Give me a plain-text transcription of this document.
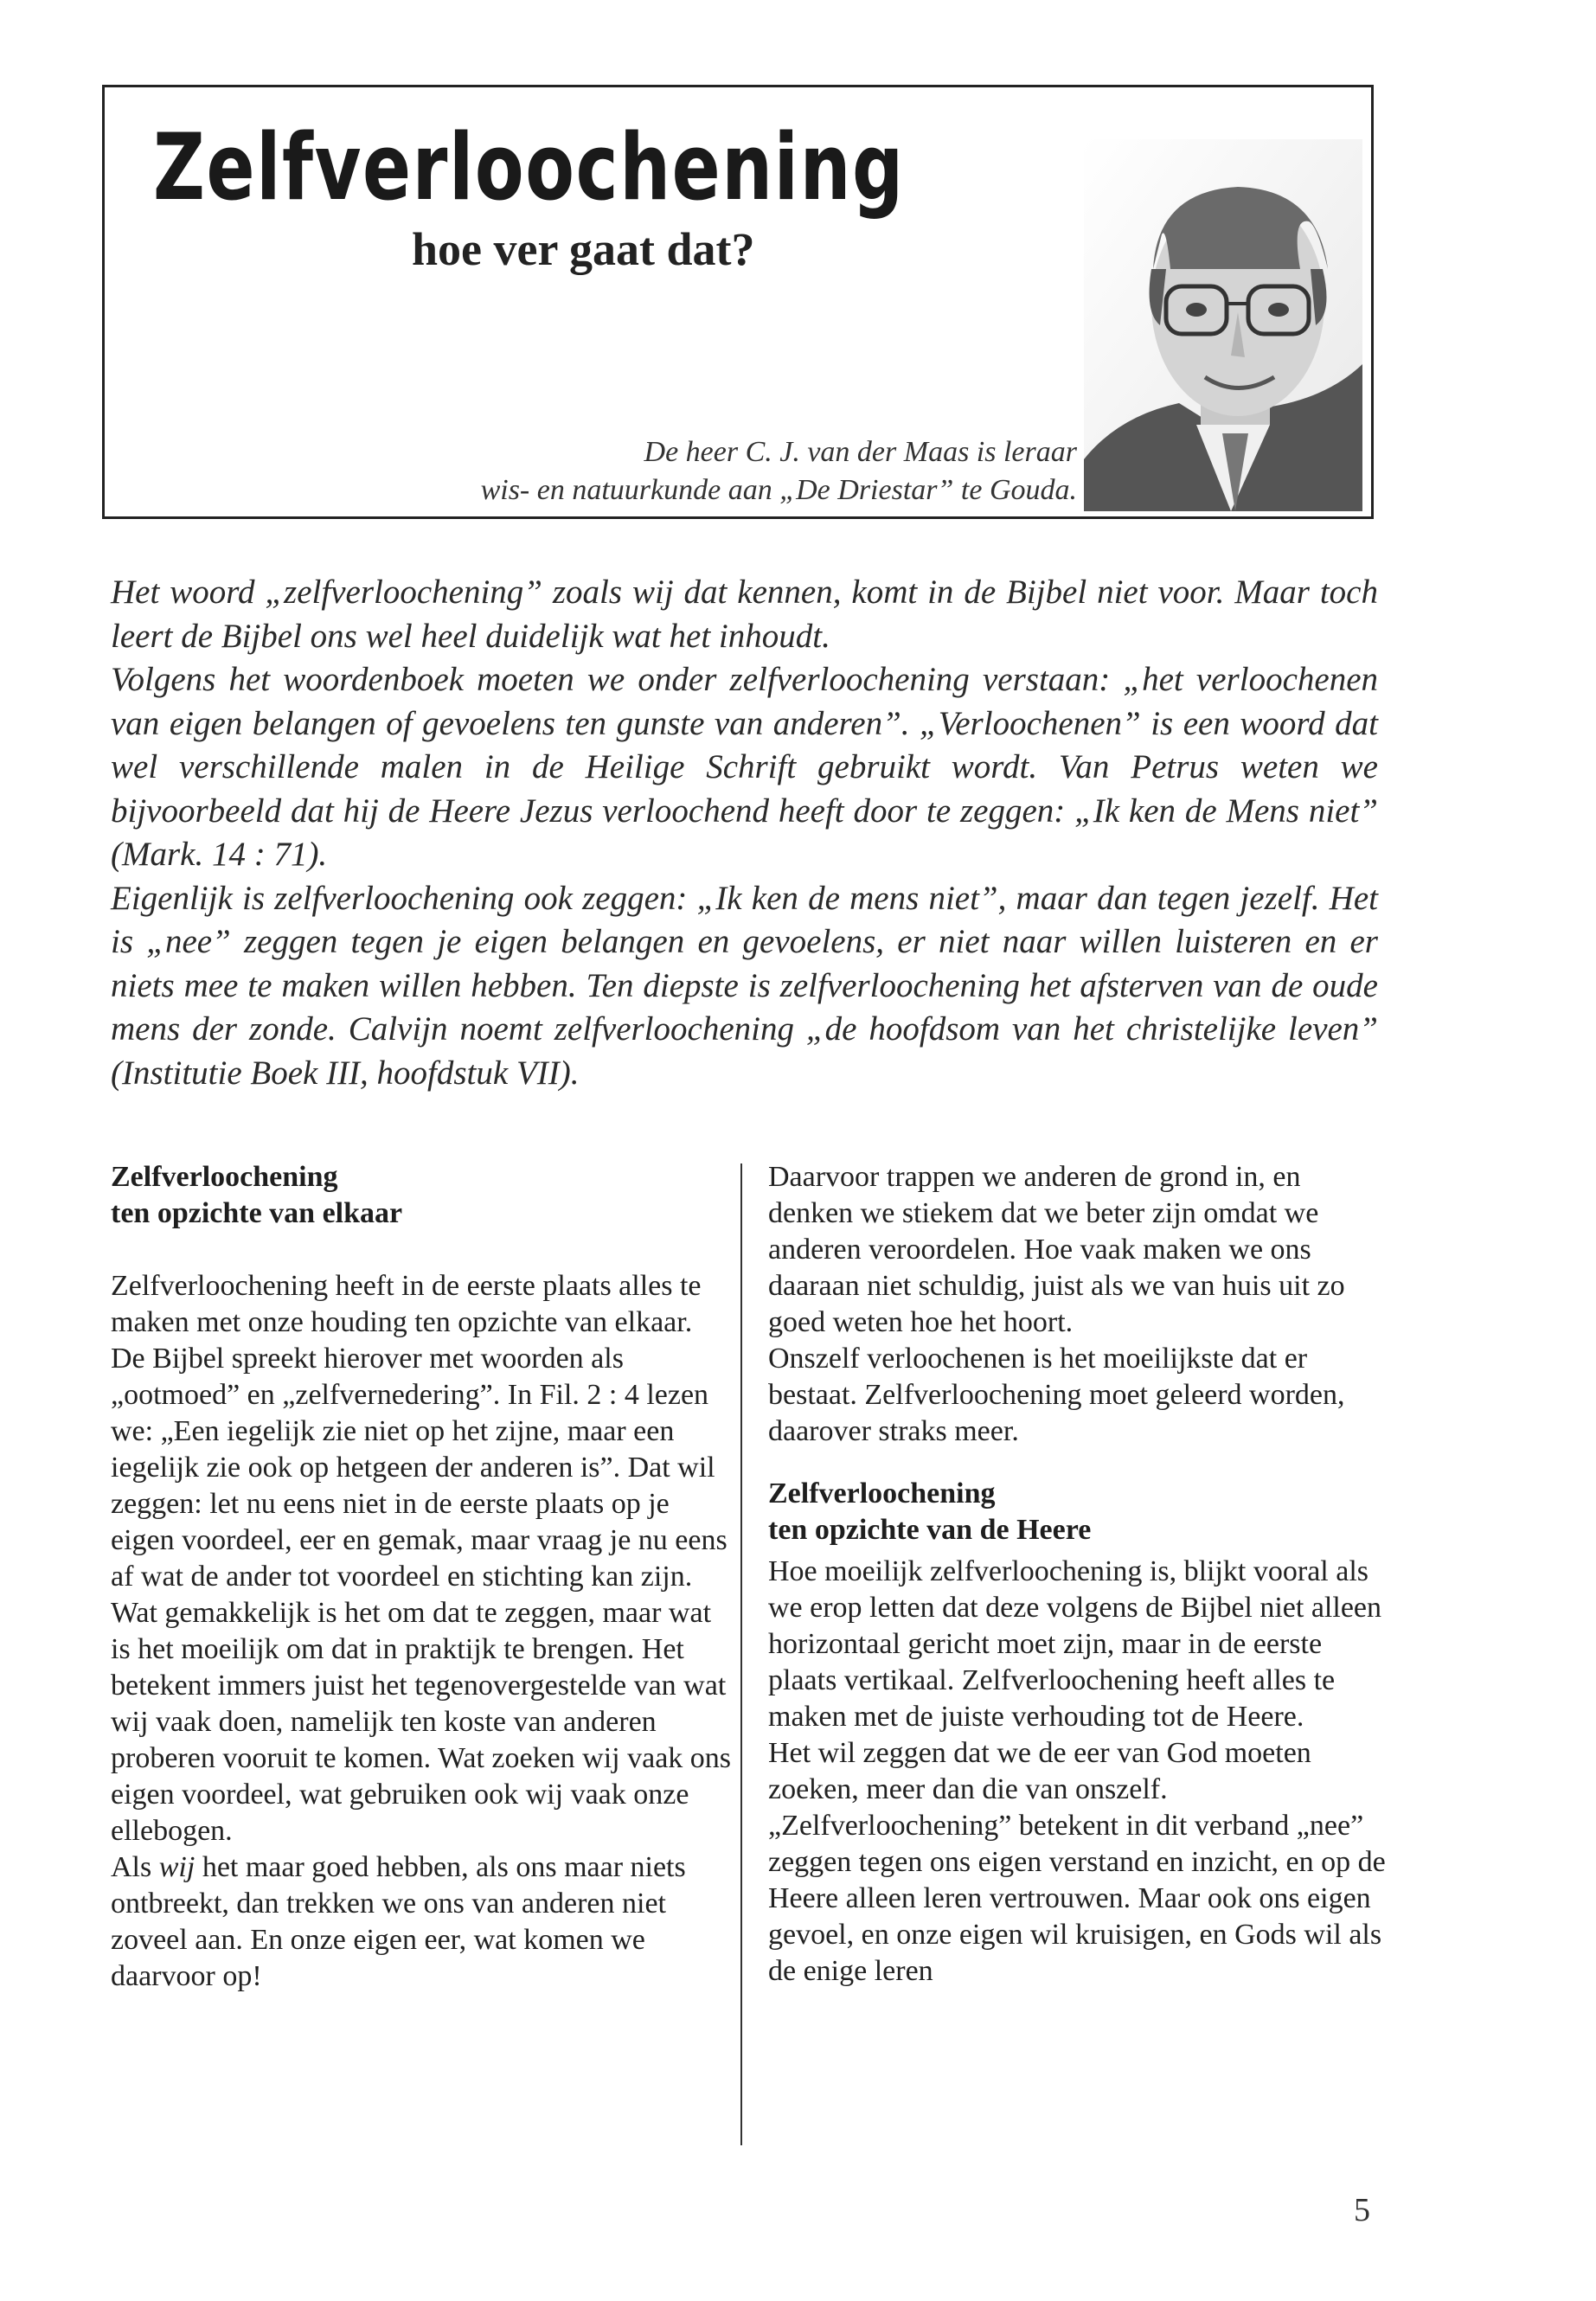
Zelfverloochening
hoe ver gaat dat?
De heer C. J. van der Maas is leraar
wis- en natuurkunde aan „De Driestar” te Gouda.

Het woord „zelfverloochening” zoals wij dat kennen, komt in de Bijbel niet voor. Maar toch leert de Bijbel ons wel heel duidelijk wat het inhoudt.

Volgens het woordenboek moeten we onder zelfverloochening verstaan: „het verloochenen van eigen belangen of gevoelens ten gunste van anderen”. „Verloochenen” is een woord dat wel verschillende malen in de Heilige Schrift gebruikt wordt. Van Petrus weten we bijvoorbeeld dat hij de Heere Jezus verloochend heeft door te zeggen: „Ik ken de Mens niet” (Mark. 14 : 71).

Eigenlijk is zelfverloochening ook zeggen: „Ik ken de mens niet”, maar dan tegen jezelf. Het is „nee” zeggen tegen je eigen belangen en gevoelens, er niet naar willen luisteren en er niets mee te maken willen hebben. Ten diepste is zelfverloochening het afsterven van de oude mens der zonde. Calvijn noemt zelfverloochening „de hoofdsom van het christelijke leven” (Institutie Boek III, hoofdstuk VII).

Zelfverloochening
ten opzichte van elkaar

Zelfverloochening heeft in de eerste plaats alles te maken met onze houding ten opzichte van elkaar. De Bijbel spreekt hierover met woorden als „ootmoed” en „zelfvernedering”. In Fil. 2 : 4 lezen we: „Een iegelijk zie niet op het zijne, maar een iegelijk zie ook op hetgeen der anderen is”. Dat wil zeggen: let nu eens niet in de eerste plaats op je eigen voordeel, eer en gemak, maar vraag je nu eens af wat de ander tot voordeel en stichting kan zijn.

Wat gemakkelijk is het om dat te zeggen, maar wat is het moeilijk om dat in praktijk te brengen. Het betekent immers juist het tegenovergestelde van wat wij vaak doen, namelijk ten koste van anderen proberen vooruit te komen. Wat zoeken wij vaak ons eigen voordeel, wat gebruiken ook wij vaak onze ellebogen.

Als wij het maar goed hebben, als ons maar niets ontbreekt, dan trekken we ons van anderen niet zoveel aan. En onze eigen eer, wat komen we daarvoor op!

Daarvoor trappen we anderen de grond in, en denken we stiekem dat we beter zijn omdat we anderen veroordelen. Hoe vaak maken we ons daaraan niet schuldig, juist als we van huis uit zo goed weten hoe het hoort.

Onszelf verloochenen is het moeilijkste dat er bestaat. Zelfverloochening moet geleerd worden, daarover straks meer.

Zelfverloochening
ten opzichte van de Heere

Hoe moeilijk zelfverloochening is, blijkt vooral als we erop letten dat deze volgens de Bijbel niet alleen horizontaal gericht moet zijn, maar in de eerste plaats vertikaal. Zelfverloochening heeft alles te maken met de juiste verhouding tot de Heere.

Het wil zeggen dat we de eer van God moeten zoeken, meer dan die van onszelf. „Zelfverloochening” betekent in dit verband „nee” zeggen tegen ons eigen verstand en inzicht, en op de Heere alleen leren vertrouwen. Maar ook ons eigen gevoel, en onze eigen wil kruisigen, en Gods wil als de enige leren

5
